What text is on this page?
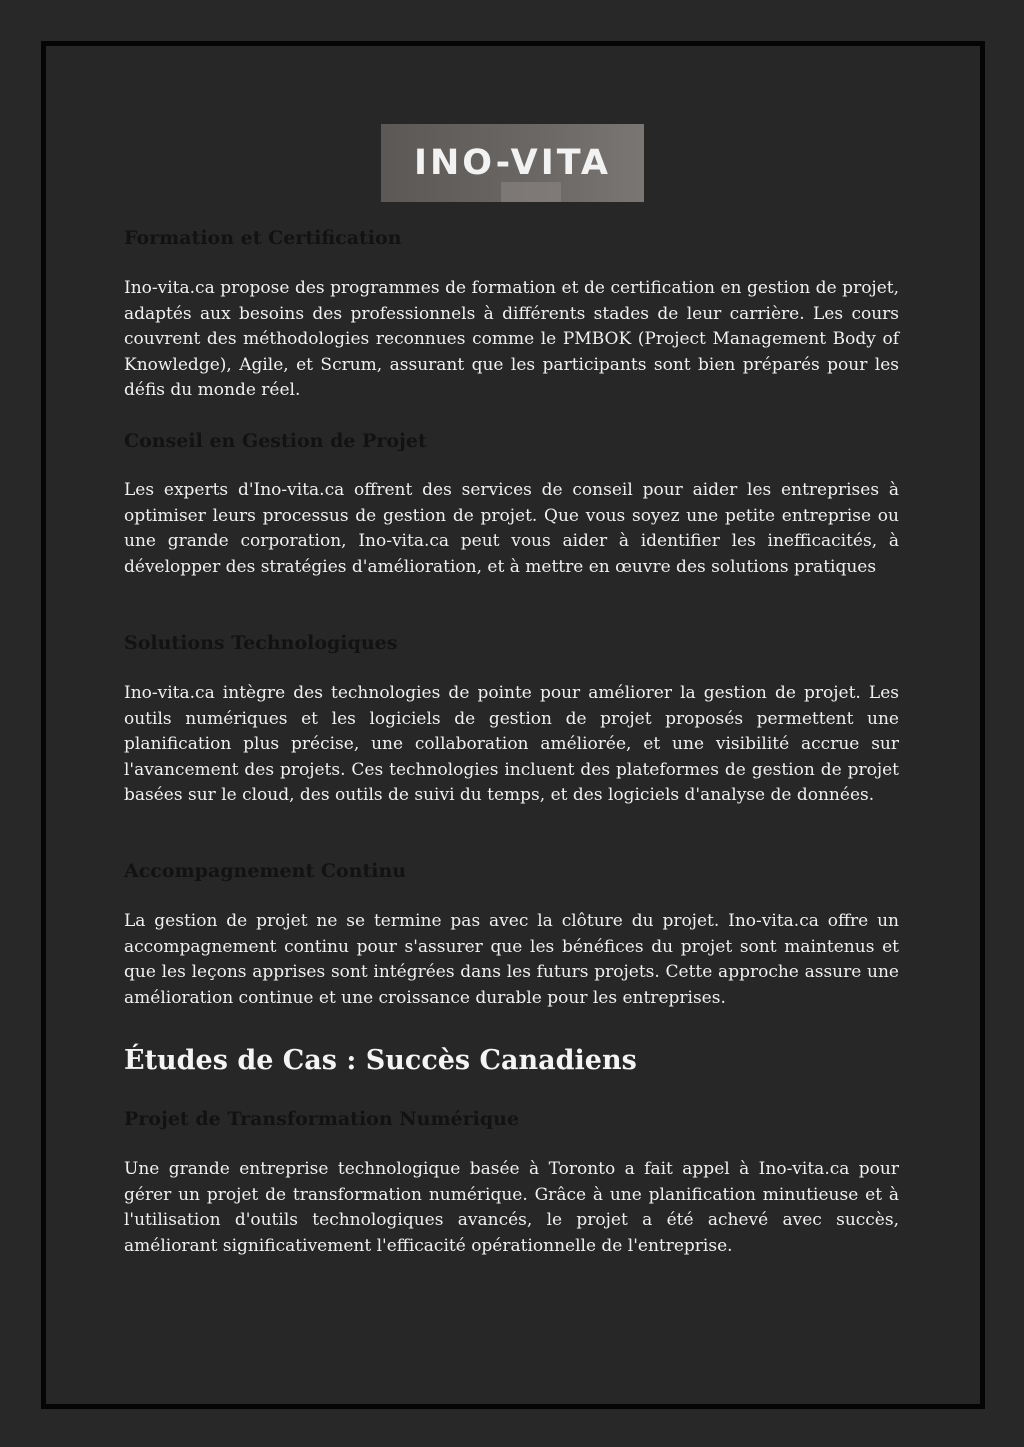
INO-VITA
Formation et Certification

Ino-vita.ca propose des programmes de formation et de certification en gestion de projet, adaptés aux besoins des professionnels à différents stades de leur carrière. Les cours couvrent des méthodologies reconnues comme le PMBOK (Project Management Body of Knowledge), Agile, et Scrum, assurant que les participants sont bien préparés pour les défis du monde réel.

Conseil en Gestion de Projet

Les experts d'Ino-vita.ca offrent des services de conseil pour aider les entreprises à optimiser leurs processus de gestion de projet. Que vous soyez une petite entreprise ou une grande corporation, Ino-vita.ca peut vous aider à identifier les inefficacités, à développer des stratégies d'amélioration, et à mettre en œuvre des solutions pratiques

Solutions Technologiques

Ino-vita.ca intègre des technologies de pointe pour améliorer la gestion de projet. Les outils numériques et les logiciels de gestion de projet proposés permettent une planification plus précise, une collaboration améliorée, et une visibilité accrue sur l'avancement des projets. Ces technologies incluent des plateformes de gestion de projet basées sur le cloud, des outils de suivi du temps, et des logiciels d'analyse de données.

Accompagnement Continu

La gestion de projet ne se termine pas avec la clôture du projet. Ino-vita.ca offre un accompagnement continu pour s'assurer que les bénéfices du projet sont maintenus et que les leçons apprises sont intégrées dans les futurs projets. Cette approche assure une amélioration continue et une croissance durable pour les entreprises.

Études de Cas : Succès Canadiens
Projet de Transformation Numérique

Une grande entreprise technologique basée à Toronto a fait appel à Ino-vita.ca pour gérer un projet de transformation numérique. Grâce à une planification minutieuse et à l'utilisation d'outils technologiques avancés, le projet a été achevé avec succès, améliorant significativement l'efficacité opérationnelle de l'entreprise.
